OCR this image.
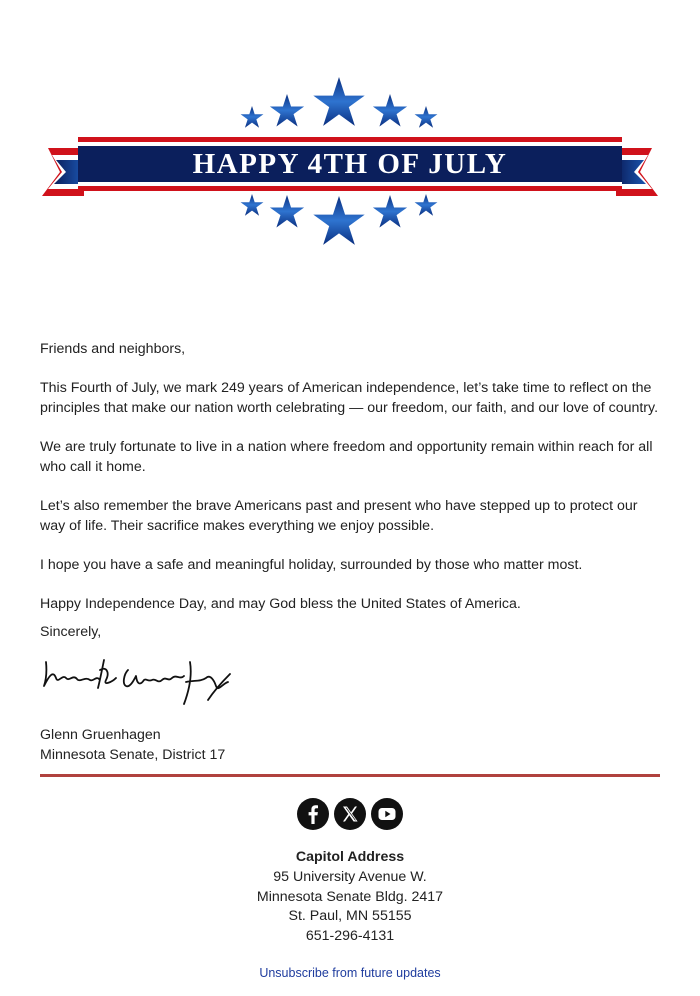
HAPPY 4TH OF JULY

Friends and neighbors,

This Fourth of July, we mark 249 years of American independence, let’s take time to reflect on the principles that make our nation worth celebrating — our freedom, our faith, and our love of country.

We are truly fortunate to live in a nation where freedom and opportunity remain within reach for all who call it home.

Let’s also remember the brave Americans past and present who have stepped up to protect our way of life. Their sacrifice makes everything we enjoy possible.

I hope you have a safe and meaningful holiday, surrounded by those who matter most.

Happy Independence Day, and may God bless the United States of America.

Sincerely,

Glenn Gruenhagen
Minnesota Senate, District 17

Capitol Address
95 University Avenue W.
Minnesota Senate Bldg. 2417
St. Paul, MN 55155
651-296-4131
Unsubscribe from future updates
